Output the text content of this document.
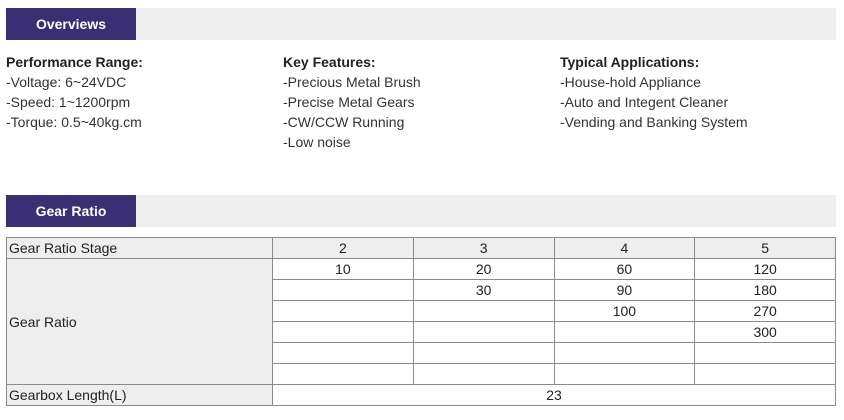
Overviews
Performance Range:
-Voltage: 6~24VDC
-Speed: 1~1200rpm
-Torque: 0.5~40kg.cm
Key Features:
-Precious Metal Brush
-Precise Metal Gears
-CW/CCW Running
-Low noise
Typical Applications:
-House-hold Appliance
-Auto and Integent Cleaner
-Vending and Banking System
Gear Ratio
Gear Ratio Stage	2	3	4	5
Gear Ratio	10	20	60	120
		30	90	180
			100	270
				300

Gearbox Length(L)	23			
